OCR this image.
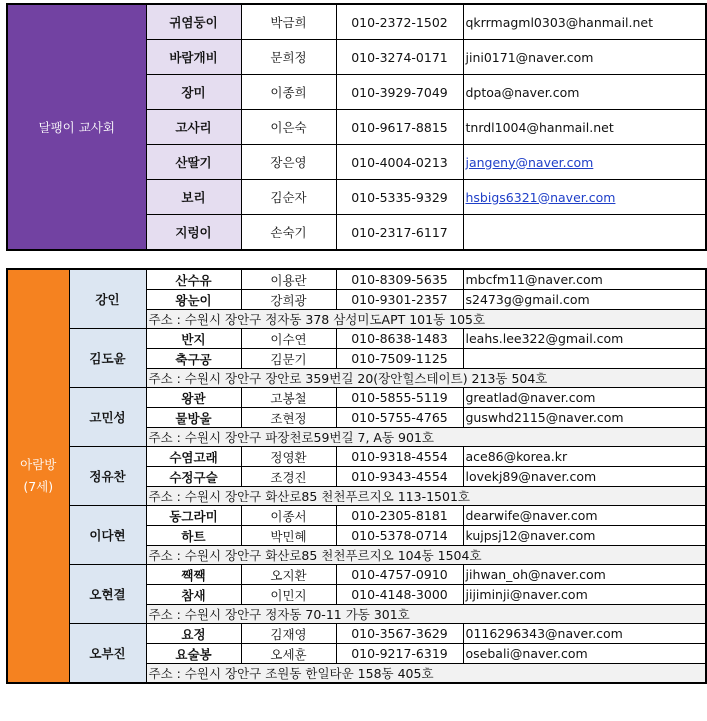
달팽이 교사회	귀염둥이	박금희	010-2372-1502	qkrrmagml0303@hanmail.net
	바람개비	문희정	010-3274-0171	jini0171@naver.com
	장미	이종희	010-3929-7049	dptoa@naver.com
	고사리	이은숙	010-9617-8815	tnrdl1004@hanmail.net
	산딸기	장은영	010-4004-0213	jangeny@naver.com
	보리	김순자	010-5335-9329	hsbigs6321@naver.com
	지렁이	손숙기	010-2317-6117	
아람방
(7세)	강인	산수유	이용란	010-8309-5635	mbcfm11@naver.com
		왕눈이	강희광	010-9301-2357	s2473g@gmail.com
		주소 : 수원시 장안구 정자동 378 삼성미도APT 101동 105호			
	김도윤	반지	이수연	010-8638-1483	leahs.lee322@gmail.com
		축구공	김문기	010-7509-1125	
		주소 : 수원시 장안구 장안로 359번길 20(장안힐스테이트) 213동 504호			
	고민성	왕관	고봉철	010-5855-5119	greatlad@naver.com
		물방울	조현정	010-5755-4765	guswhd2115@naver.com
		주소 : 수원시 장안구 파장천로59번길 7, A동 901호			
	정유찬	수염고래	정영환	010-9318-4554	ace86@korea.kr
		수정구슬	조경진	010-9343-4554	lovekj89@naver.com
		주소 : 수원시 장안구 화산로85 천천푸르지오 113-1501호			
	이다현	동그라미	이종서	010-2305-8181	dearwife@naver.com
		하트	박민혜	010-5378-0714	kujpsj12@naver.com
		주소 : 수원시 장안구 화산로85 천천푸르지오 104동 1504호			
	오현결	짹짹	오지환	010-4757-0910	jihwan_oh@naver.com
		참새	이민지	010-4148-3000	jijiminji@naver.com
		주소 : 수원시 장안구 정자동 70-11 가동 301호			
	오부진	요정	김재영	010-3567-3629	0116296343@naver.com
		요술봉	오세훈	010-9217-6319	osebali@naver.com
		주소 : 수원시 장안구 조원동 한일타운 158동 405호			
